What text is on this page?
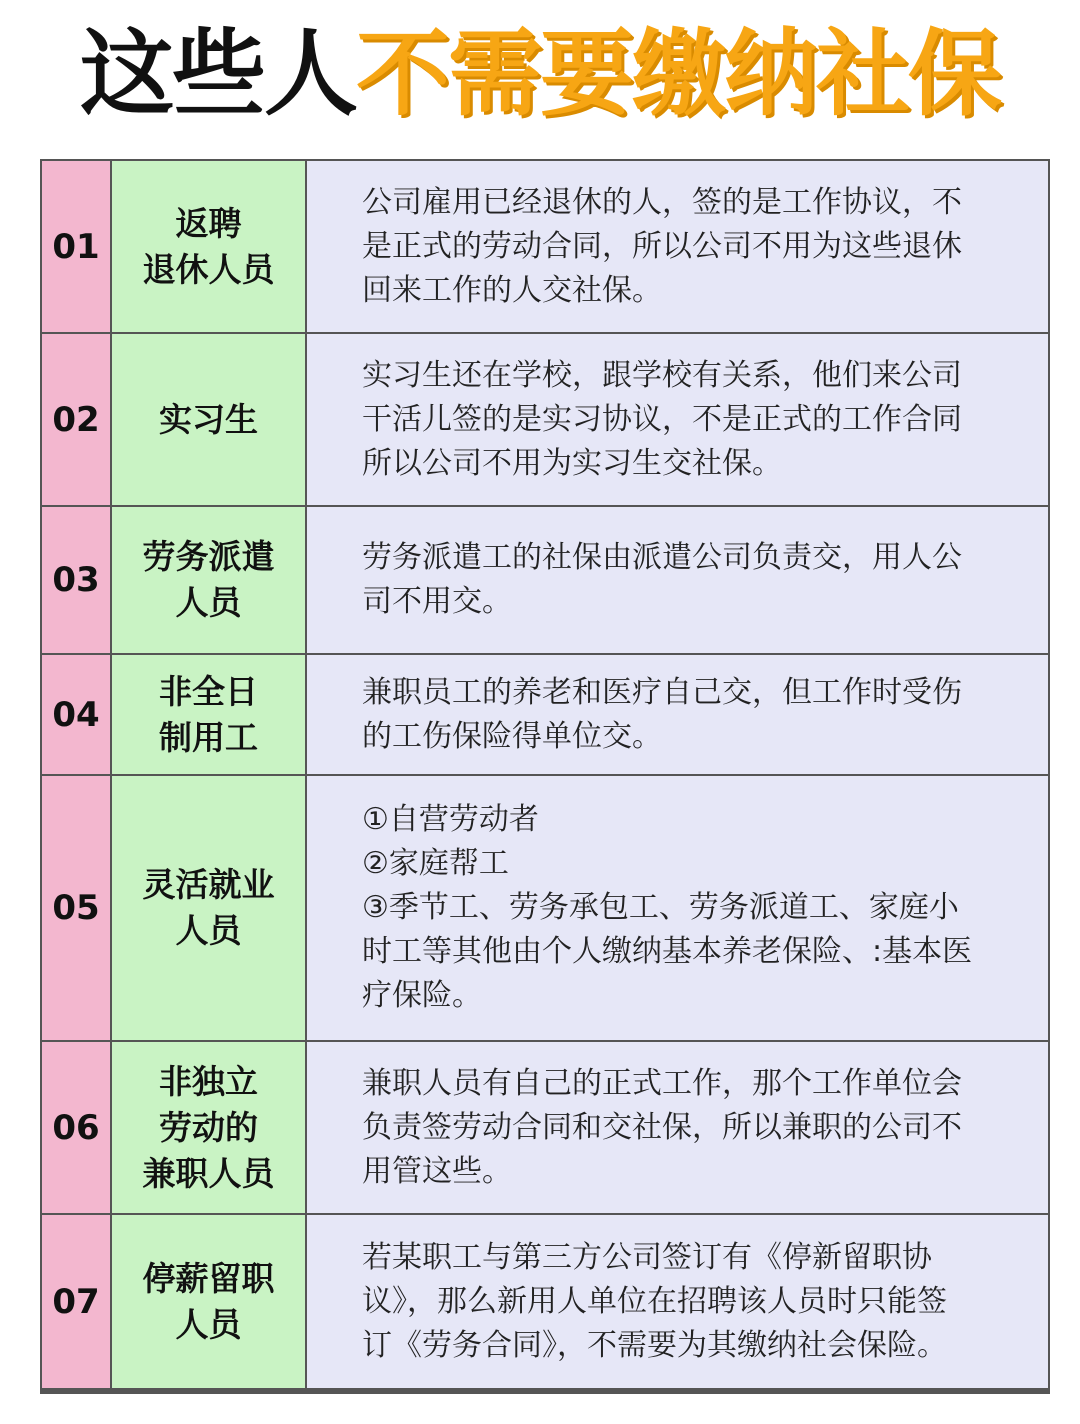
这些人 不需要缴纳社保
01
返聘
退休人员
公司雇用已经退休的人，签的是工作协议，不
是正式的劳动合同，所以公司不用为这些退休
回来工作的人交社保。
02	实习生
实习生还在学校，跟学校有关系，他们来公司
干活儿签的是实习协议，不是正式的工作合同
所以公司不用为实习生交社保。
03
劳务派遣
人员
劳务派遣工的社保由派遣公司负责交，用人公
司不用交。
04
非全日
制用工
兼职员工的养老和医疗自己交，但工作时受伤
的工伤保险得单位交。
05
灵活就业
人员
①自营劳动者
②家庭帮工
③季节工、劳务承包工、劳务派道工、家庭小
时工等其他由个人缴纳基本养老保险、:基本医
疗保险。
06
非独立
劳动的
兼职人员
兼职人员有自己的正式工作，那个工作单位会
负责签劳动合同和交社保，所以兼职的公司不
用管这些。
07
停薪留职
人员
若某职工与第三方公司签订有《停新留职协
议》，那么新用人单位在招聘该人员时只能签
订《劳务合同》，不需要为其缴纳社会保险。
